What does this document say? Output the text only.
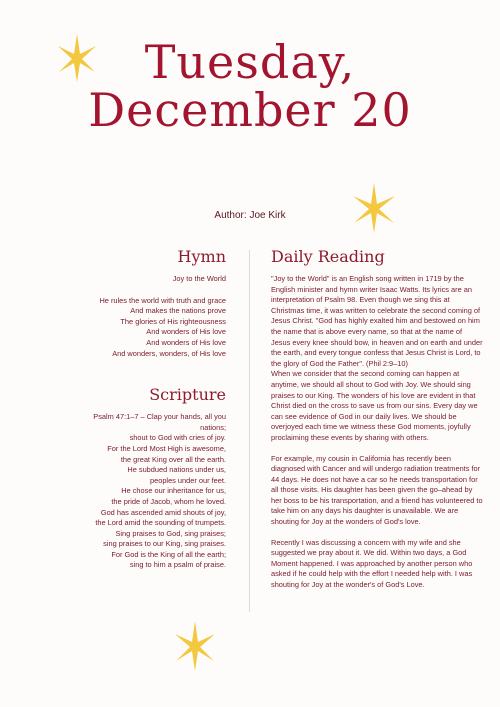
Tuesday,
December 20
Author: Joe Kirk
Hymn

Joy to the World

He rules the world with truth and grace

And makes the nations prove

The glories of His righteousness

And wonders of His love

And wonders of His love

And wonders, wonders, of His love

Scripture

Psalm 47:1–7 – Clap your hands, all you

nations;

shout to God with cries of joy.

For the Lord Most High is awesome,

the great King over all the earth.

He subdued nations under us,

peoples under our feet.

He chose our inheritance for us,

the pride of Jacob, whom he loved.

God has ascended amid shouts of joy,

the Lord amid the sounding of trumpets.

Sing praises to God, sing praises;

sing praises to our King, sing praises.

For God is the King of all the earth;

sing to him a psalm of praise.

Daily Reading

"Joy to the World" is an English song written in 1719 by the English minister and hymn writer Isaac Watts. Its lyrics are an interpretation of Psalm 98. Even though we sing this at Christmas time, it was written to celebrate the second coming of Jesus Christ. "God has highly exalted him and bestowed on him the name that is above every name, so that at the name of Jesus every knee should bow, in heaven and on earth and under the earth, and every tongue confess that Jesus Christ is Lord, to the glory of God the Father". (Phil 2:9–10)

When we consider that the second coming can happen at anytime, we should all shout to God with Joy. We should sing praises to our King. The wonders of his love are evident in that Christ died on the cross to save us from our sins. Every day we can see evidence of God in our daily lives. We should be overjoyed each time we witness these God moments, joyfully proclaiming these events by sharing with others.

For example, my cousin in California has recently been diagnosed with Cancer and will undergo radiation treatments for 44 days. He does not have a car so he needs transportation for all those visits. His daughter has been given the go–ahead by her boss to be his transportation, and a friend has volunteered to take him on any days his daughter is unavailable. We are shouting for Joy at the wonders of God's love.

Recently I was discussing a concern with my wife and she suggested we pray about it. We did. Within two days, a God Moment happened. I was approached by another person who asked if he could help with the effort I needed help with. I was shouting for Joy at the wonder's of God's Love.
